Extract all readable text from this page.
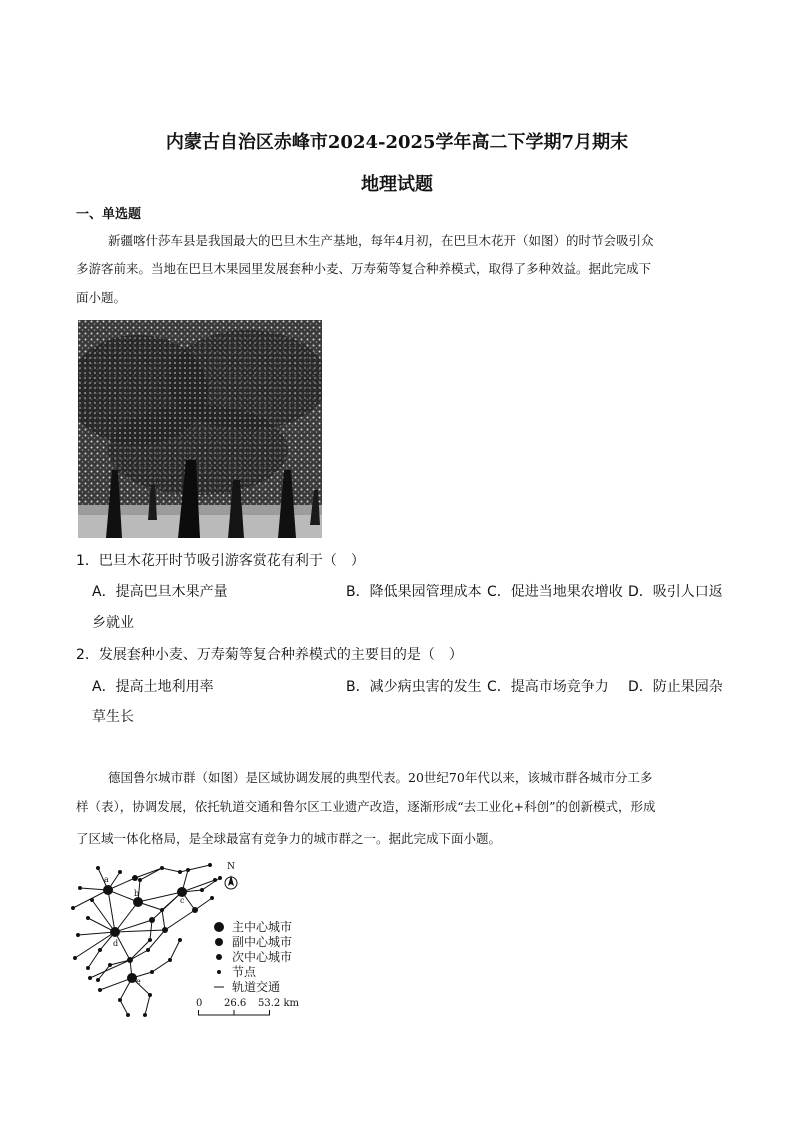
内蒙古自治区赤峰市2024-2025学年高二下学期7月期末
地理试题
一、单选题
新疆喀什莎车县是我国最大的巴旦木生产基地，每年4月初，在巴旦木花开（如图）的时节会吸引众
多游客前来。当地在巴旦木果园里发展套种小麦、万寿菊等复合种养模式，取得了多种效益。据此完成下
面小题。
1．巴旦木花开时节吸引游客赏花有利于（　）
A．提高巴旦木果产量	B．降低果园管理成本 C．促进当地果农增收 D．吸引人口返
乡就业
2．发展套种小麦、万寿菊等复合种养模式的主要目的是（　）
A．提高土地利用率	B．减少病虫害的发生 C．提高市场竞争力 D．防止果园杂
草生长
德国鲁尔城市群（如图）是区域协调发展的典型代表。20世纪70年代以来，该城市群各城市分工多
样（表），协调发展，依托轨道交通和鲁尔区工业遗产改造，逐渐形成“去工业化+科创”的创新模式，形成
了区域一体化格局，是全球最富有竞争力的城市群之一。据此完成下面小题。
a
b
c
d
e
N
主中心城市
副中心城市
次中心城市
节点
轨道交通
0 26.6 53.2 km
